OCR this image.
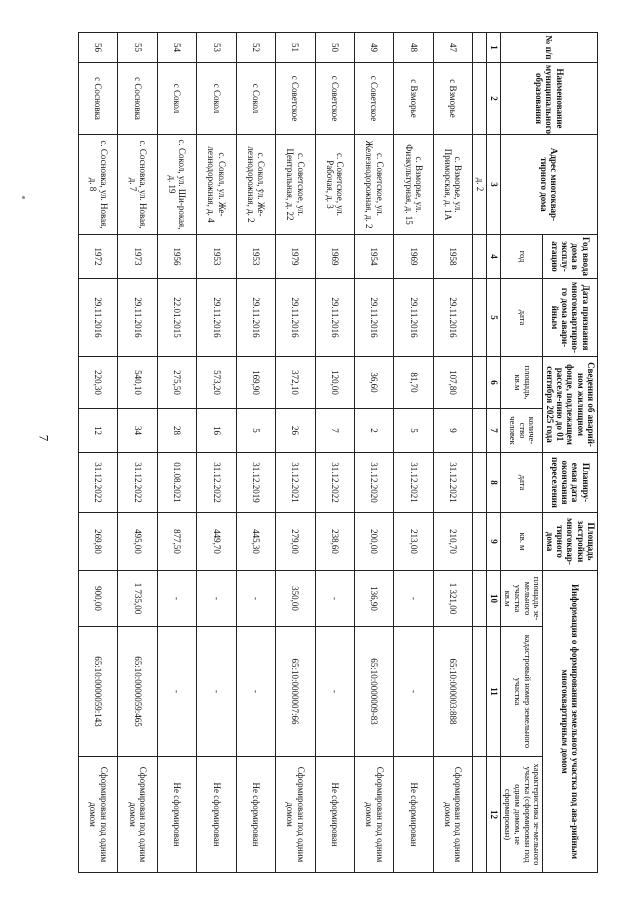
7
№ п/п	Наименование муниципального образования	Адрес многоквар-тирного дома	Год ввода дома в эксплу-атацию	Дата признания многоквартирно-го дома авари-йным	Сведения об аварий-ном жилищном фонде, подлежащем расселе-нию до 01 сентября 2025 года		Планиру-емая дата окончания переселения	Площадь застройки многоквар-тирного дома	Информация о формировании земельного участка под ава-рийным многоквартирным домом		
			год	дата	площадь, кв.м	количе-ство человек	дата	кв. м	площадь зе-мельного участка
кв.м	кадастровый номер земельного участка	характеристика зе-мельного участка (сформирован под одним домом, не сформирован)
1	2	3	4	5	6	7	8	9	10	11	12
		д. 2									
47	с Взморье	с. Взморье, ул. Приморская, д. 1А	1958	29.11.2016	107,80	9	31.12.2021	210,70	1 321,00	65:10:000003:888	Сформирован под одним домом
48	с Взморье	с. Взморье, ул. Физкультурная, д. 15	1969	29.11.2016	81,70	5	31.12.2021	213,00	-	-	Не сформирован
49	с Советское	с. Советское, ул. Железнодорожная, д. 2	1954	29.11.2016	36,60	2	31.12.2020	200,00	136,90	65:10:0000009-83	Сформирован под одним домом
50	с Советское	с. Советское, ул. Рабочая, д. 3	1969	29.11.2016	120,00	7	31.12.2022	238,60	-	-	Не сформирован
51	с Советское	с. Советское, ул. Центральная, д. 22	1979	29.11.2016	372,10	26	31.12.2021	279,00	350,00	65:10:0000007:66	Сформирован под одним домом
52	с Сокол	с. Сокол, ул. Же-лезнодорожная, д. 2	1953	29.11.2016	169,90	5	31.12.2019	445,30	-	-	Не сформирован
53	с Сокол	с. Сокол, ул. Же-лезнодорожная, д. 4	1953	29.11.2016	573,20	16	31.12.2022	449,70	-	-	Не сформирован
54	с Сокол	с. Сокол, ул. Ши-рокая, д. 19	1956	22.01.2015	275,50	28	01.08.2021	877,50	-	-	Не сформирован
55	с Сосновка	с. Сосновка, ул. Новая, д. 7	1973	29.11.2016	540,10	34	31.12.2022	495,00	1 735,00	65:10:0000059:465	Сформирован под одним домом
56	с Сосновка	с. Сосновка, ул. Новая, д. 8	1972	29.11.2016	220,30	12	31.12.2022	269,80	900,00	65:10:0000059:143	Сформирован под одним домом
